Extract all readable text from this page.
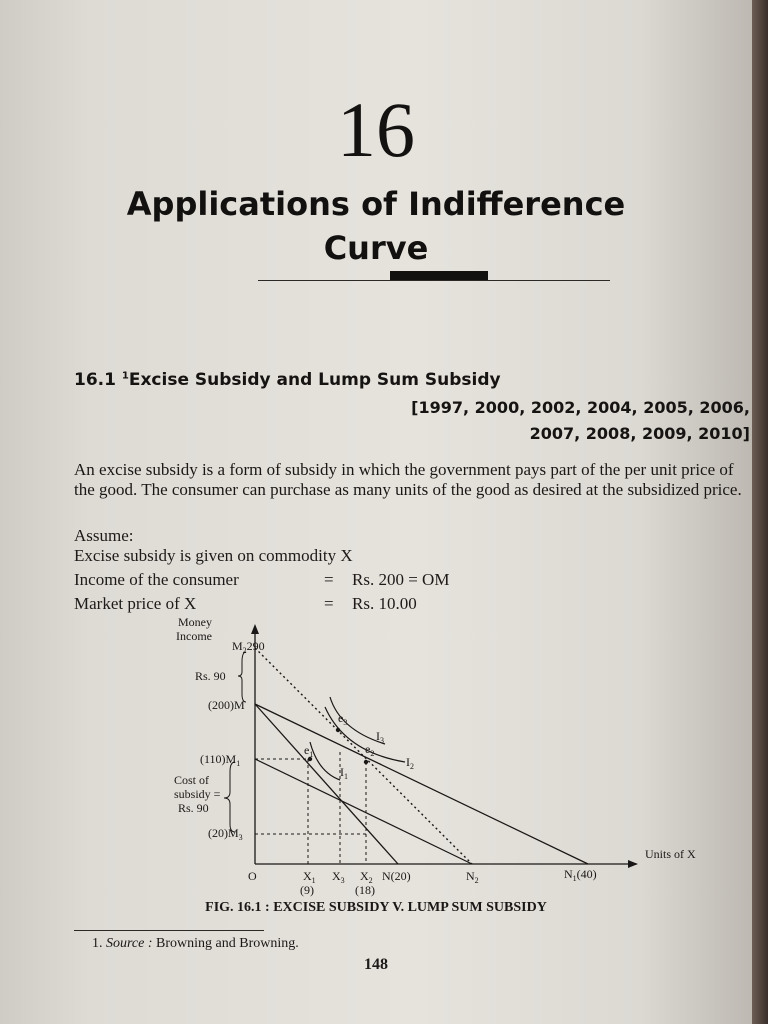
16
Applications of Indifference
Curve
16.1 $^1$Excise Subsidy and Lump Sum Subsidy
[1997, 2000, 2002, 2004, 2005, 2006,
2007, 2008, 2009, 2010]
An excise subsidy is a form of subsidy in which the government pays part of the per unit price of the good. The consumer can purchase as many units of the good as desired at the subsidized price.
Assume:
Excise subsidy is given on commodity X
Income of the consumer	= Rs. 200 = OM
Market price of X	= Rs. 10.00
Money
Income
Units of X
$M_2290$
Rs. 90
(200)M
$(110)M_1$
Cost of
subsidy =
Rs. 90
$(20)M_3$
O	$X_1$
(9)
$X_3$ $X_2$
(18)
N(20)	$N_2$	$N_1(40)$
$e_1$	$e_2$
$e_3$
$I_1$
$I_2$
$I_3$
FIG. 16.1 : EXCISE SUBSIDY V. LUMP SUM SUBSIDY
1. Source : Browning and Browning.
148
